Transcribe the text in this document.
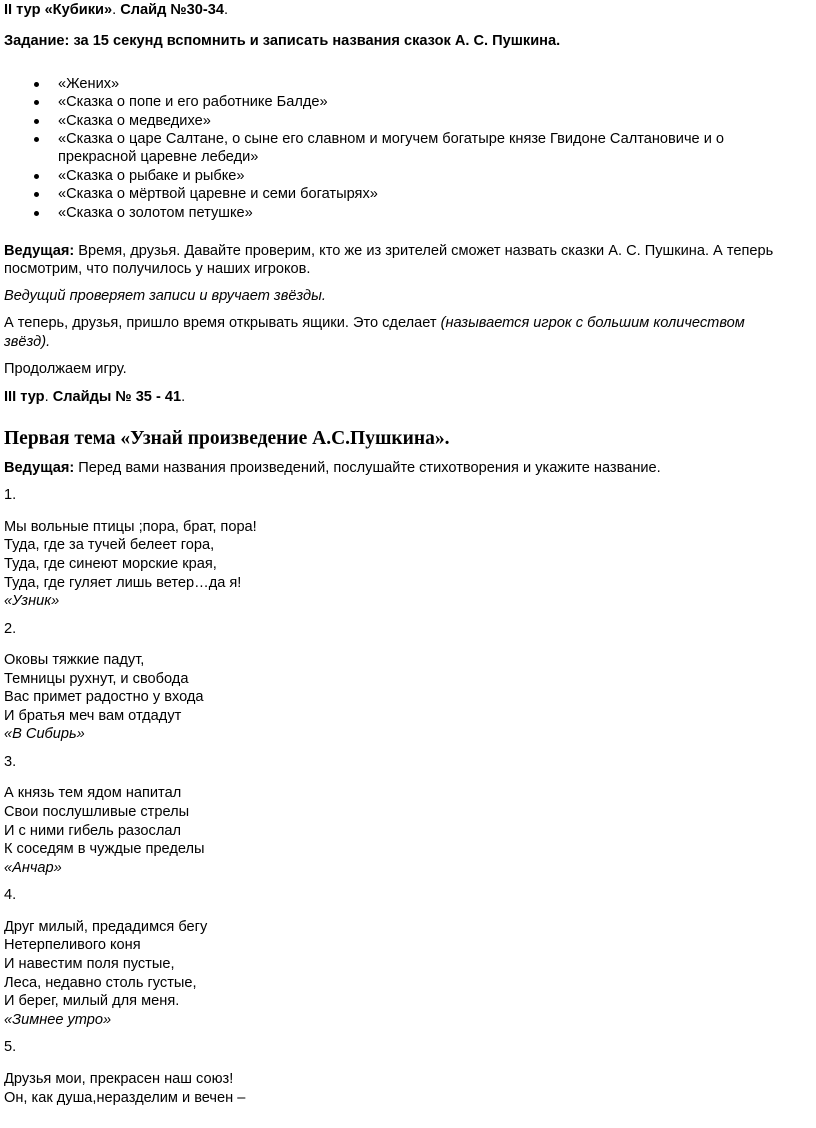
II тур «Кубики». Слайд №30-34.

Задание: за 15 секунд вспомнить и записать названия сказок А. С. Пушкина.

«Жених»
«Сказка о попе и его работнике Балде»
«Сказка о медведихе»
«Сказка о царе Салтане, о сыне его славном и могучем богатыре князе Гвидоне Салтановиче и о прекрасной царевне лебеди»
«Сказка о рыбаке и рыбке»
«Сказка о мёртвой царевне и семи богатырях»
«Сказка о золотом петушке»

Ведущая: Время, друзья. Давайте проверим, кто же из зрителей сможет назвать сказки А. С. Пушкина. А теперь посмотрим, что получилось у наших игроков.

Ведущий проверяет записи и вручает звёзды.

А теперь, друзья, пришло время открывать ящики. Это сделает (называется игрок с большим количеством звёзд).

Продолжаем игру.

III тур. Слайды № 35 - 41.

Первая тема «Узнай произведение А.С.Пушкина».

Ведущая: Перед вами названия произведений, послушайте стихотворения и укажите название.

1.

Мы вольные птицы ;пора, брат, пора!

Туда, где за тучей белеет гора,

Туда, где синеют морские края,

Туда, где гуляет лишь ветер…да я!

«Узник»

2.

Оковы тяжкие падут,

Темницы рухнут, и свобода

Вас примет радостно у входа

И братья меч вам отдадут

«В Сибирь»

3.

А князь тем ядом напитал

Свои послушливые стрелы

И с ними гибель разослал

К соседям в чуждые пределы

«Анчар»

4.

Друг милый, предадимся бегу

Нетерпеливого коня

И навестим поля пустые,

Леса, недавно столь густые,

И берег, милый для меня.

«Зимнее утро»

5.

Друзья мои, прекрасен наш союз!

Он, как душа,неразделим и вечен –
